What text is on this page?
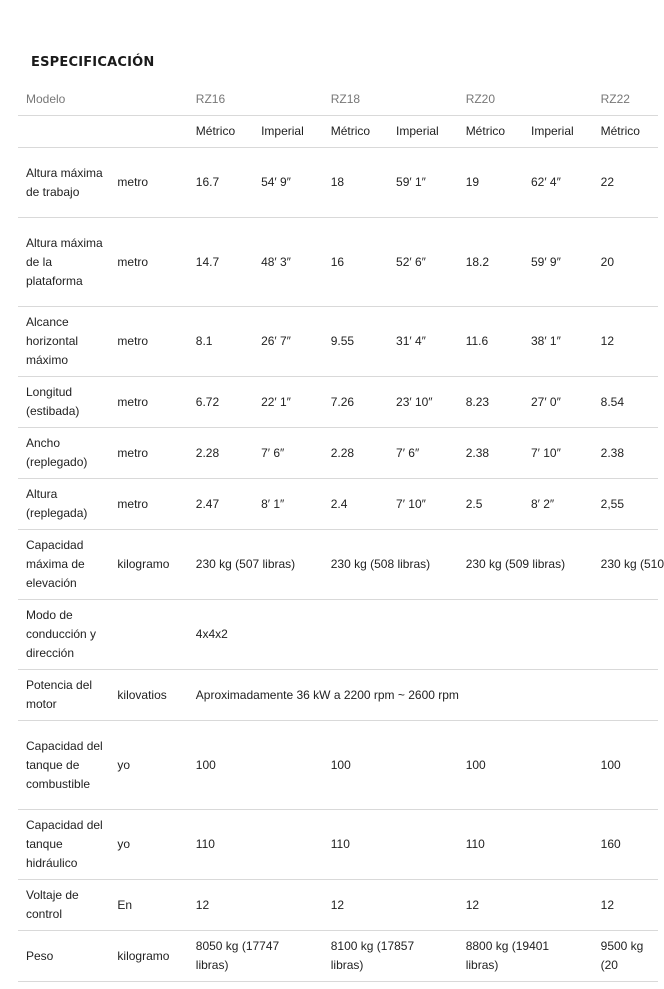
ESPECIFICACIÓN
Modelo		RZ16		RZ18		RZ20		RZ22
		Métrico	Imperial	Métrico	Imperial	Métrico	Imperial	Métrico
Altura máxima de trabajo	metro	16.7	54′ 9″	18	59′ 1″	19	62′ 4″	22
Altura máxima de la plataforma	metro	14.7	48′ 3″	16	52′ 6″	18.2	59′ 9″	20
Alcance horizontal máximo	metro	8.1	26′ 7″	9.55	31′ 4″	11.6	38′ 1″	12
Longitud (estibada)	metro	6.72	22′ 1″	7.26	23′ 10″	8.23	27′ 0″	8.54
Ancho (replegado)	metro	2.28	7′ 6″	2.28	7′ 6″	2.38	7′ 10″	2.38
Altura (replegada)	metro	2.47	8′ 1″	2.4	7′ 10″	2.5	8′ 2″	2,55
Capacidad máxima de elevación	kilogramo	230 kg (507 libras)		230 kg (508 libras)		230 kg (509 libras)		230 kg (510
Modo de conducción y dirección		4x4x2						
Potencia del motor	kilovatios	Aproximadamente 36 kW a 2200 rpm ~ 2600 rpm						
Capacidad del tanque de combustible	yo	100		100		100		100
Capacidad del tanque hidráulico	yo	110		110		110		160
Voltaje de control	En	12		12		12		12
Peso	kilogramo	8050 kg (17747 libras)		8100 kg (17857 libras)		8800 kg (19401 libras)		9500 kg (20
